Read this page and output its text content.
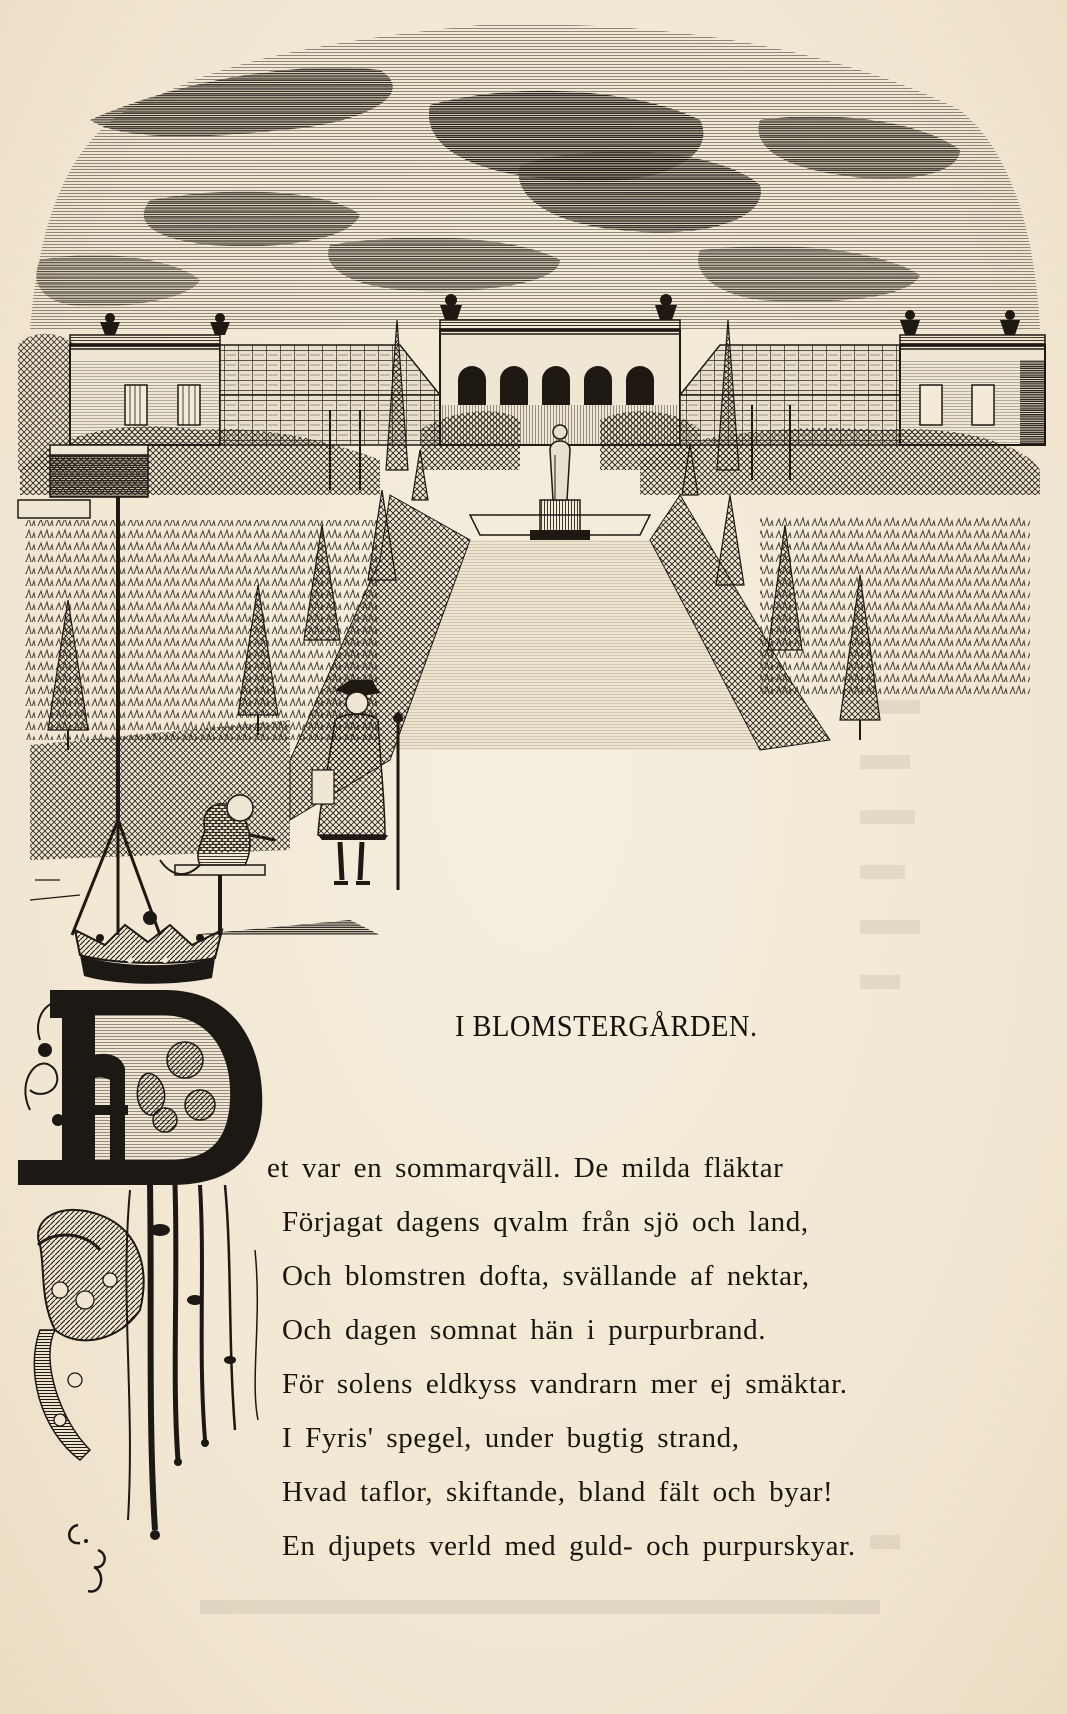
I BLOMSTERGÅRDEN.
et var en sommarqväll. De milda fläktar
Förjagat dagens qvalm från sjö och land,
Och blomstren dofta, svällande af nektar,
Och dagen somnat hän i purpurbrand.
För solens eldkyss vandrarn mer ej smäktar.
I Fyris' spegel, under bugtig strand,
Hvad taflor, skiftande, bland fält och byar!
En djupets verld med guld- och purpurskyar.
